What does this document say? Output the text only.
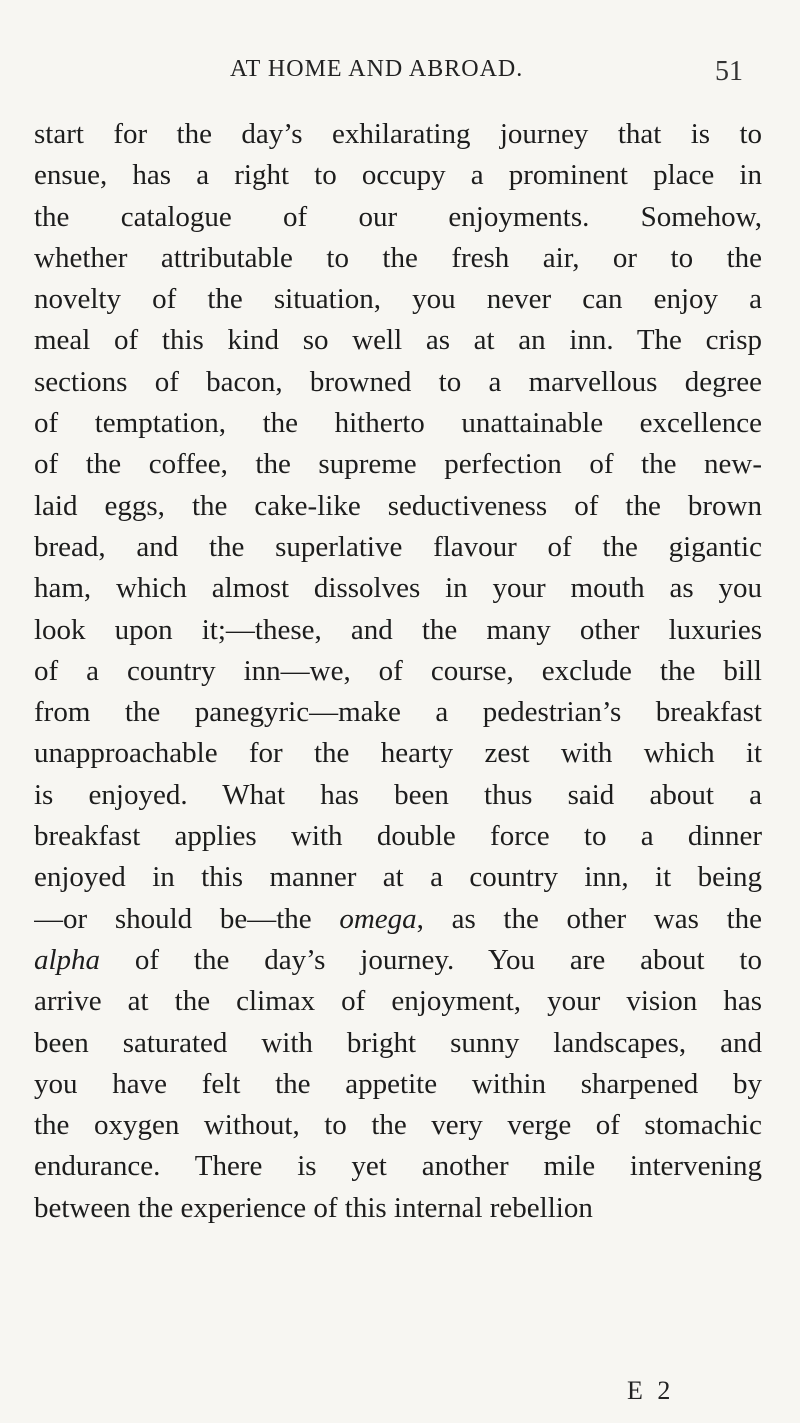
AT HOME AND ABROAD.	51
start for the day’s exhilarating journey that is to
ensue, has a right to occupy a prominent place in
the catalogue of our enjoyments. Somehow,
whether attributable to the fresh air, or to the
novelty of the situation, you never can enjoy a
meal of this kind so well as at an inn. The crisp
sections of bacon, browned to a marvellous degree
of temptation, the hitherto unattainable excellence
of the coffee, the supreme perfection of the new-
laid eggs, the cake-like seductiveness of the brown
bread, and the superlative flavour of the gigantic
ham, which almost dissolves in your mouth as you
look upon it;—these, and the many other luxuries
of a country inn—we, of course, exclude the bill
from the panegyric—make a pedestrian’s breakfast
unapproachable for the hearty zest with which it
is enjoyed. What has been thus said about a
breakfast applies with double force to a dinner
enjoyed in this manner at a country inn, it being
—or should be—the omega, as the other was the
alpha of the day’s journey. You are about to
arrive at the climax of enjoyment, your vision has
been saturated with bright sunny landscapes, and
you have felt the appetite within sharpened by
the oxygen without, to the very verge of stomachic
endurance. There is yet another mile intervening
between the experience of this internal rebellion
E 2
